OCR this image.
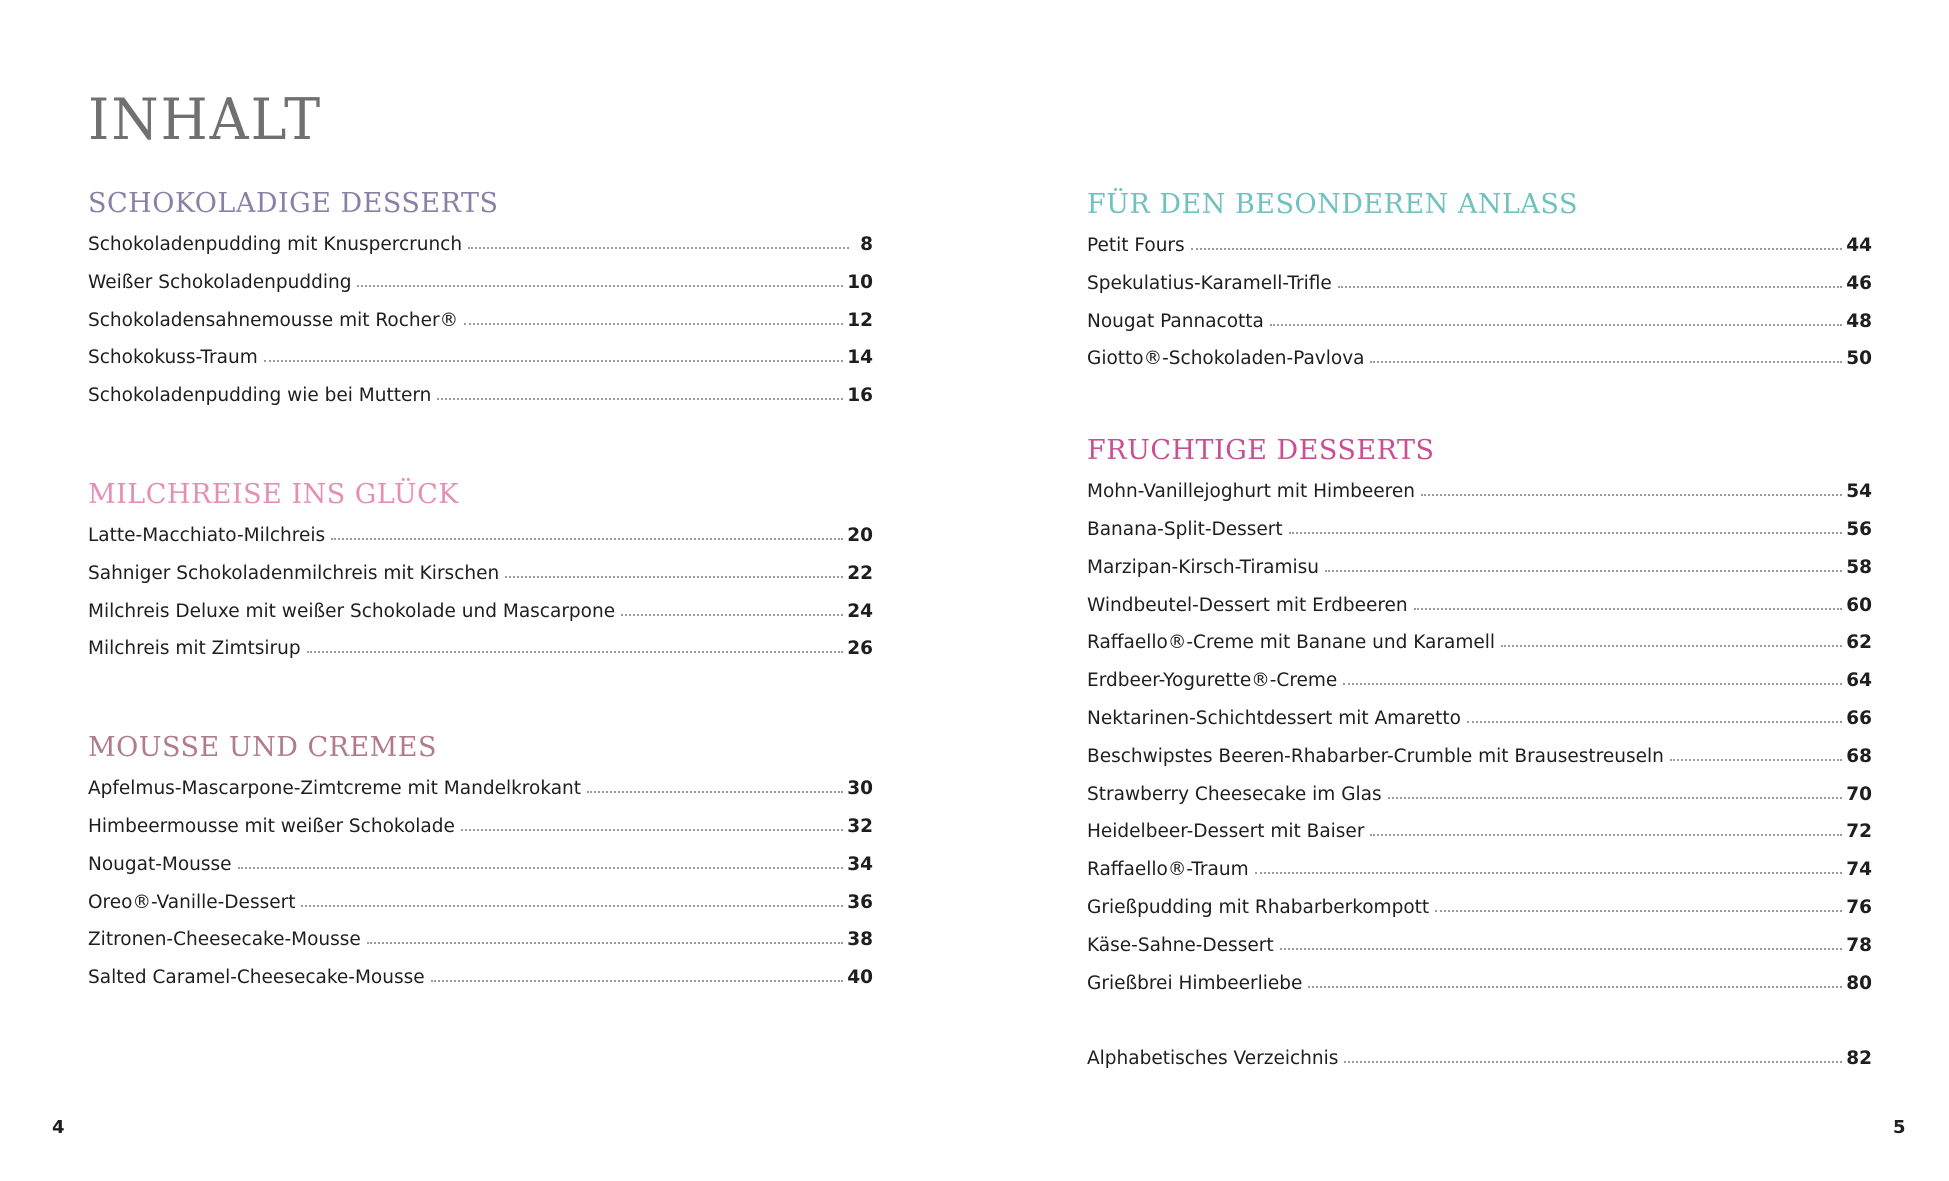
INHALT
SCHOKOLADIGE DESSERTS
Schokoladenpudding mit Knuspercrunch	8
Weißer Schokoladenpudding	10
Schokoladensahnemousse mit Rocher®	12
Schokokuss-Traum	14
Schokoladenpudding wie bei Muttern	16
MILCHREISE INS GLÜCK
Latte-Macchiato-Milchreis	20
Sahniger Schokoladenmilchreis mit Kirschen	22
Milchreis Deluxe mit weißer Schokolade und Mascarpone	24
Milchreis mit Zimtsirup	26
MOUSSE UND CREMES
Apfelmus-Mascarpone-Zimtcreme mit Mandelkrokant	30
Himbeermousse mit weißer Schokolade	32
Nougat-Mousse	34
Oreo®-Vanille-Dessert	36
Zitronen-Cheesecake-Mousse	38
Salted Caramel-Cheesecake-Mousse	40
FÜR DEN BESONDEREN ANLASS
Petit Fours	44
Spekulatius-Karamell-Trifle	46
Nougat Pannacotta	48
Giotto®-Schokoladen-Pavlova	50
FRUCHTIGE DESSERTS
Mohn-Vanillejoghurt mit Himbeeren	54
Banana-Split-Dessert	56
Marzipan-Kirsch-Tiramisu	58
Windbeutel-Dessert mit Erdbeeren	60
Raffaello®-Creme mit Banane und Karamell	62
Erdbeer-Yogurette®-Creme	64
Nektarinen-Schichtdessert mit Amaretto	66
Beschwipstes Beeren-Rhabarber-Crumble mit Brausestreuseln	68
Strawberry Cheesecake im Glas	70
Heidelbeer-Dessert mit Baiser	72
Raffaello®-Traum	74
Grießpudding mit Rhabarberkompott	76
Käse-Sahne-Dessert	78
Grießbrei Himbeerliebe	80
Alphabetisches Verzeichnis	82
4	5
